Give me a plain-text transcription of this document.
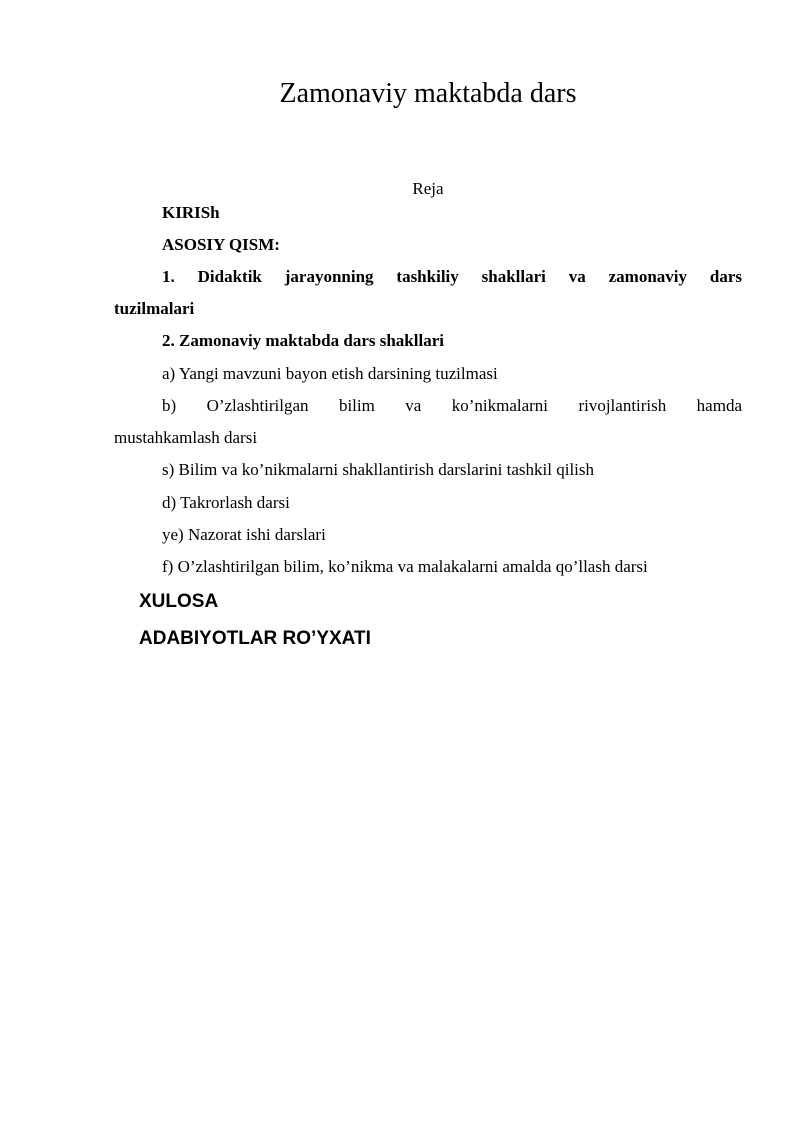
Zamonaviy maktabda dars
Reja
KIRISh
ASOSIY QISM:
1. Didaktik jarayonning tashkiliy shakllari va zamonaviy dars
tuzilmalari
2. Zamonaviy maktabda dars shakllari
a) Yangi mavzuni bayon etish darsining tuzilmasi
b) O’zlashtirilgan bilim va ko’nikmalarni rivojlantirish hamda
mustahkamlash darsi
s) Bilim va ko’nikmalarni shakllantirish darslarini tashkil qilish
d) Takrorlash darsi
ye) Nazorat ishi darslari
f) O’zlashtirilgan bilim, ko’nikma va malakalarni amalda qo’llash darsi
XULOSA
ADABIYOTLAR RO’YXATI
